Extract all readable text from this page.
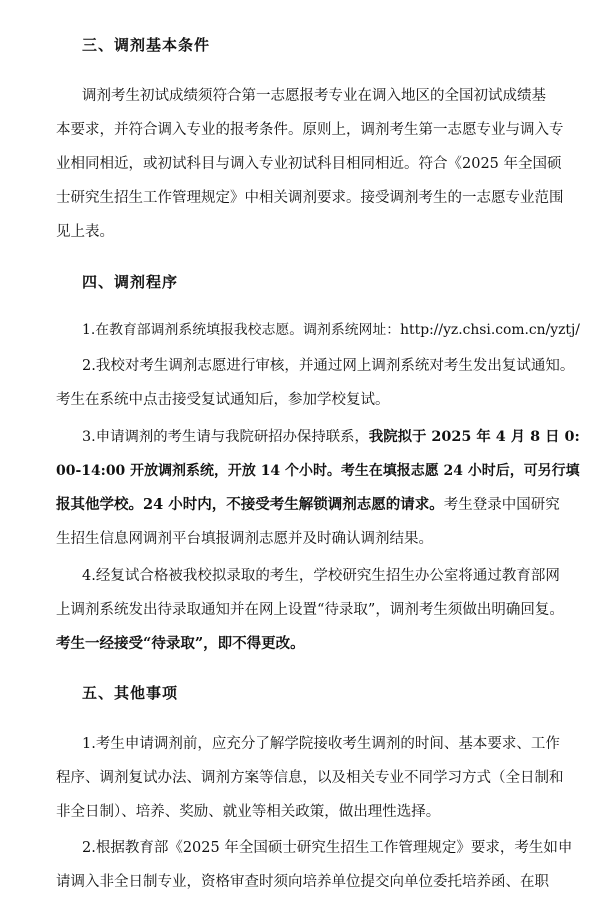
三、调剂基本条件
调剂考生初试成绩须符合第一志愿报考专业在调入地区的全国初试成绩基
本要求，并符合调入专业的报考条件。原则上，调剂考生第一志愿专业与调入专
业相同相近，或初试科目与调入专业初试科目相同相近。符合《2025 年全国硕
士研究生招生工作管理规定》中相关调剂要求。接受调剂考生的一志愿专业范围
见上表。
四、调剂程序
1.在教育部调剂系统填报我校志愿。调剂系统网址：http://yz.chsi.com.cn/yztj/
2.我校对考生调剂志愿进行审核，并通过网上调剂系统对考生发出复试通知。
考生在系统中点击接受复试通知后，参加学校复试。
3.申请调剂的考生请与我院研招办保持联系，我院拟于 2025 年 4 月 8 日 0:
00-14:00 开放调剂系统，开放 14 个小时。考生在填报志愿 24 小时后，可另行填
报其他学校。24 小时内，不接受考生解锁调剂志愿的请求。考生登录中国研究
生招生信息网调剂平台填报调剂志愿并及时确认调剂结果。
4.经复试合格被我校拟录取的考生，学校研究生招生办公室将通过教育部网
上调剂系统发出待录取通知并在网上设置“待录取”，调剂考生须做出明确回复。
考生一经接受“待录取”，即不得更改。
五、其他事项
1.考生申请调剂前，应充分了解学院接收考生调剂的时间、基本要求、工作
程序、调剂复试办法、调剂方案等信息，以及相关专业不同学习方式（全日制和
非全日制）、培养、奖励、就业等相关政策，做出理性选择。
2.根据教育部《2025 年全国硕士研究生招生工作管理规定》要求，考生如申
请调入非全日制专业，资格审查时须向培养单位提交向单位委托培养函、在职
